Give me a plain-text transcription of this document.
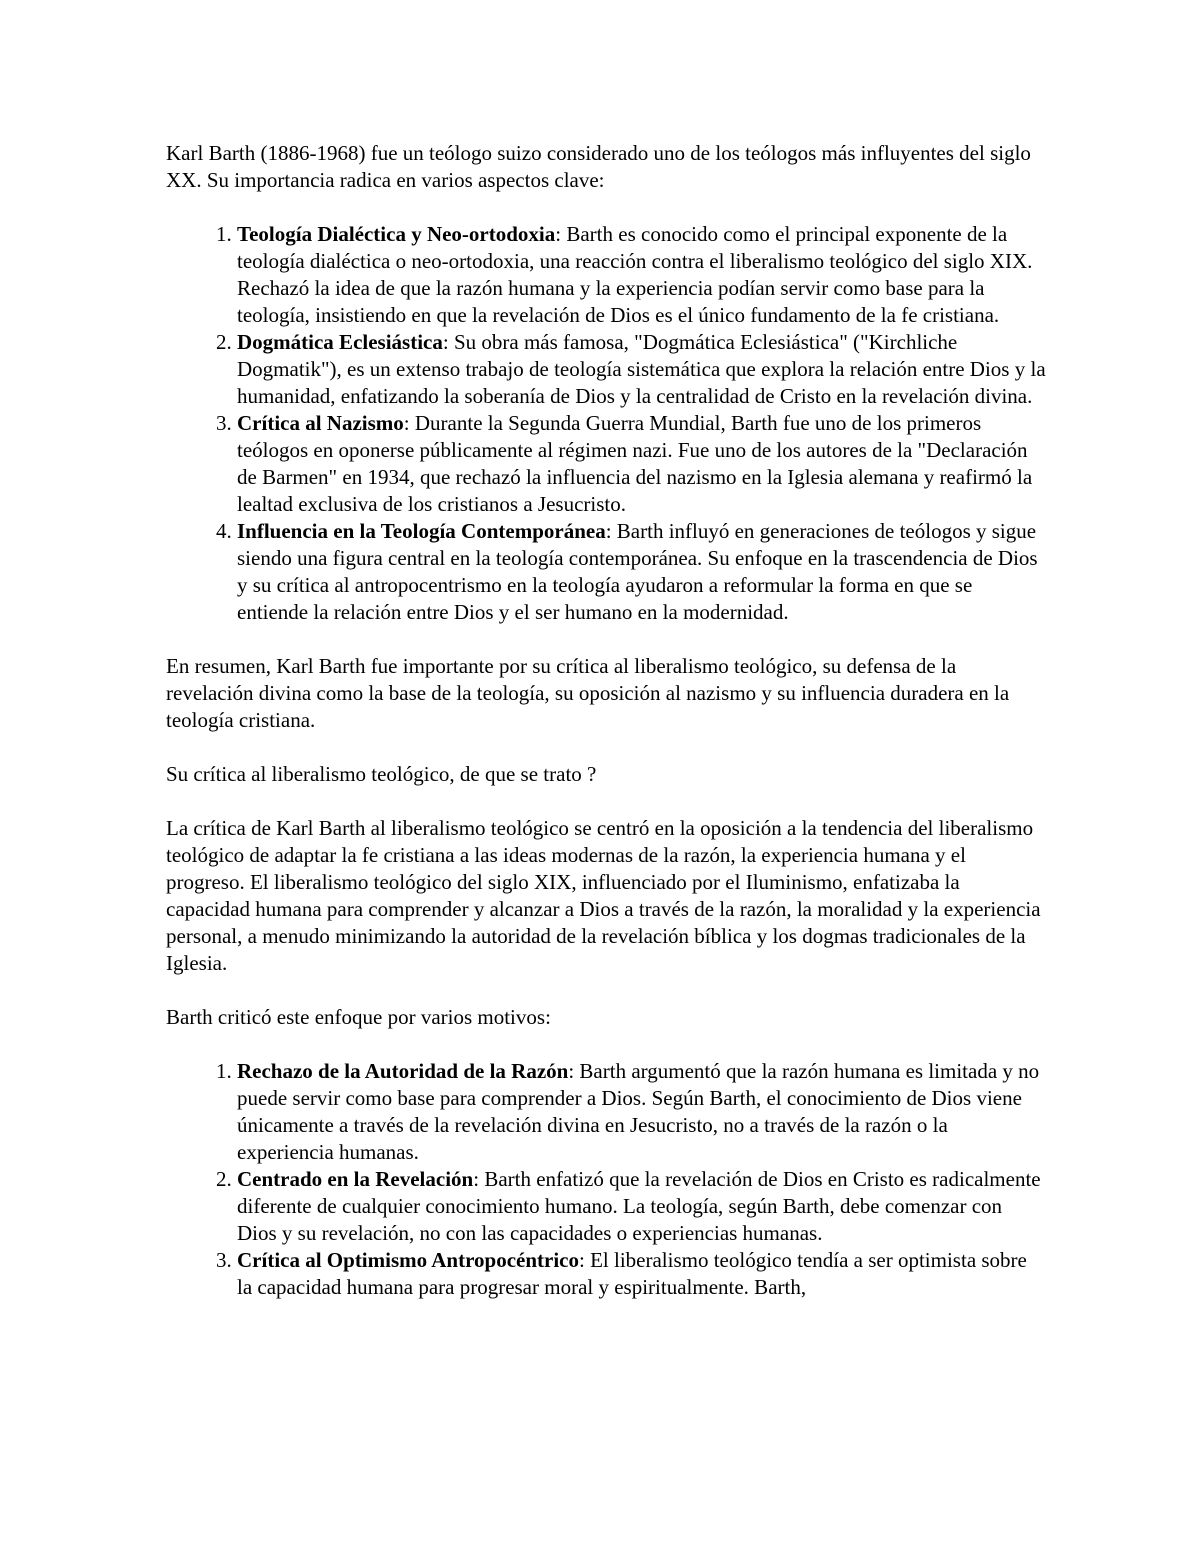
Karl Barth (1886-1968) fue un teólogo suizo considerado uno de los teólogos más influyentes del siglo XX. Su importancia radica en varios aspectos clave:

1. Teología Dialéctica y Neo-ortodoxia: Barth es conocido como el principal exponente de la teología dialéctica o neo-ortodoxia, una reacción contra el liberalismo teológico del siglo XIX. Rechazó la idea de que la razón humana y la experiencia podían servir como base para la teología, insistiendo en que la revelación de Dios es el único fundamento de la fe cristiana.
2. Dogmática Eclesiástica: Su obra más famosa, "Dogmática Eclesiástica" ("Kirchliche Dogmatik"), es un extenso trabajo de teología sistemática que explora la relación entre Dios y la humanidad, enfatizando la soberanía de Dios y la centralidad de Cristo en la revelación divina.
3. Crítica al Nazismo: Durante la Segunda Guerra Mundial, Barth fue uno de los primeros teólogos en oponerse públicamente al régimen nazi. Fue uno de los autores de la "Declaración de Barmen" en 1934, que rechazó la influencia del nazismo en la Iglesia alemana y reafirmó la lealtad exclusiva de los cristianos a Jesucristo.
4. Influencia en la Teología Contemporánea: Barth influyó en generaciones de teólogos y sigue siendo una figura central en la teología contemporánea. Su enfoque en la trascendencia de Dios y su crítica al antropocentrismo en la teología ayudaron a reformular la forma en que se entiende la relación entre Dios y el ser humano en la modernidad.

En resumen, Karl Barth fue importante por su crítica al liberalismo teológico, su defensa de la revelación divina como la base de la teología, su oposición al nazismo y su influencia duradera en la teología cristiana.

Su crítica al liberalismo teológico, de que se trato ?

La crítica de Karl Barth al liberalismo teológico se centró en la oposición a la tendencia del liberalismo teológico de adaptar la fe cristiana a las ideas modernas de la razón, la experiencia humana y el progreso. El liberalismo teológico del siglo XIX, influenciado por el Iluminismo, enfatizaba la capacidad humana para comprender y alcanzar a Dios a través de la razón, la moralidad y la experiencia personal, a menudo minimizando la autoridad de la revelación bíblica y los dogmas tradicionales de la Iglesia.

Barth criticó este enfoque por varios motivos:

1. Rechazo de la Autoridad de la Razón: Barth argumentó que la razón humana es limitada y no puede servir como base para comprender a Dios. Según Barth, el conocimiento de Dios viene únicamente a través de la revelación divina en Jesucristo, no a través de la razón o la experiencia humanas.
2. Centrado en la Revelación: Barth enfatizó que la revelación de Dios en Cristo es radicalmente diferente de cualquier conocimiento humano. La teología, según Barth, debe comenzar con Dios y su revelación, no con las capacidades o experiencias humanas.
3. Crítica al Optimismo Antropocéntrico: El liberalismo teológico tendía a ser optimista sobre la capacidad humana para progresar moral y espiritualmente. Barth,
